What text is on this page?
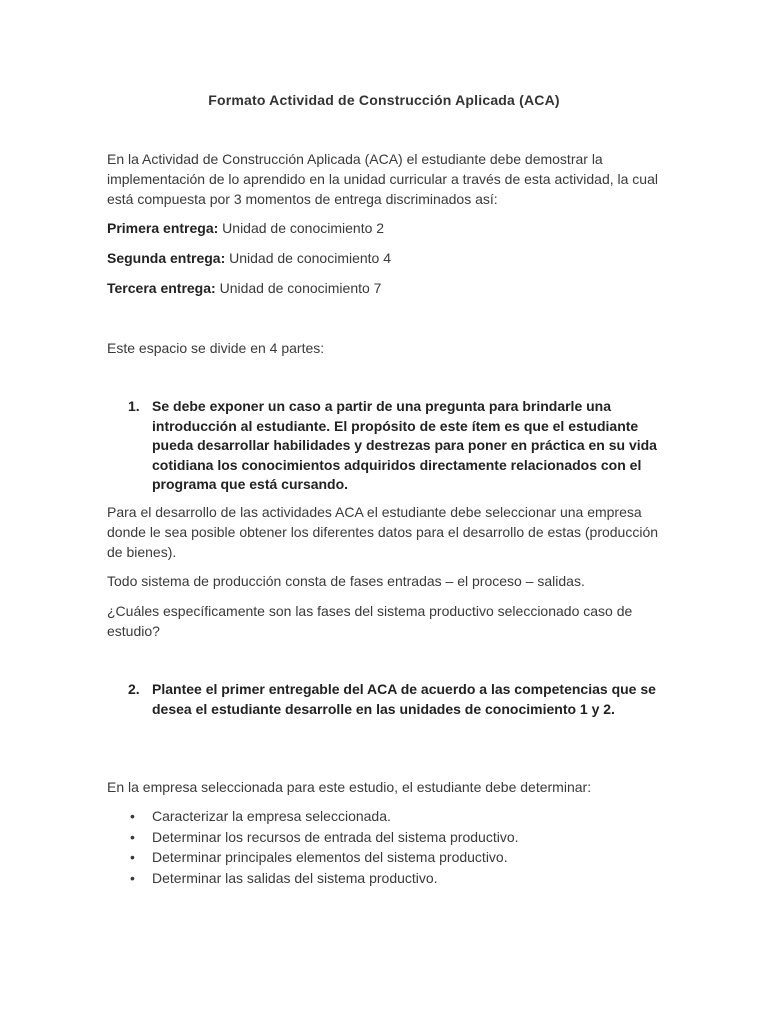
Formato Actividad de Construcción Aplicada (ACA)

En la Actividad de Construcción Aplicada (ACA) el estudiante debe demostrar la implementación de lo aprendido en la unidad curricular a través de esta actividad, la cual está compuesta por 3 momentos de entrega discriminados así:

Primera entrega: Unidad de conocimiento 2

Segunda entrega: Unidad de conocimiento 4

Tercera entrega: Unidad de conocimiento 7

Este espacio se divide en 4 partes:

1. Se debe exponer un caso a partir de una pregunta para brindarle una introducción al estudiante. El propósito de este ítem es que el estudiante pueda desarrollar habilidades y destrezas para poner en práctica en su vida cotidiana los conocimientos adquiridos directamente relacionados con el programa que está cursando.

Para el desarrollo de las actividades ACA el estudiante debe seleccionar una empresa donde le sea posible obtener los diferentes datos para el desarrollo de estas (producción de bienes).

Todo sistema de producción consta de fases entradas – el proceso – salidas.

¿Cuáles específicamente son las fases del sistema productivo seleccionado caso de estudio?

2. Plantee el primer entregable del ACA de acuerdo a las competencias que se desea el estudiante desarrolle en las unidades de conocimiento 1 y 2.

En la empresa seleccionada para este estudio, el estudiante debe determinar:

• Caracterizar la empresa seleccionada.
• Determinar los recursos de entrada del sistema productivo.
• Determinar principales elementos del sistema productivo.
• Determinar las salidas del sistema productivo.
